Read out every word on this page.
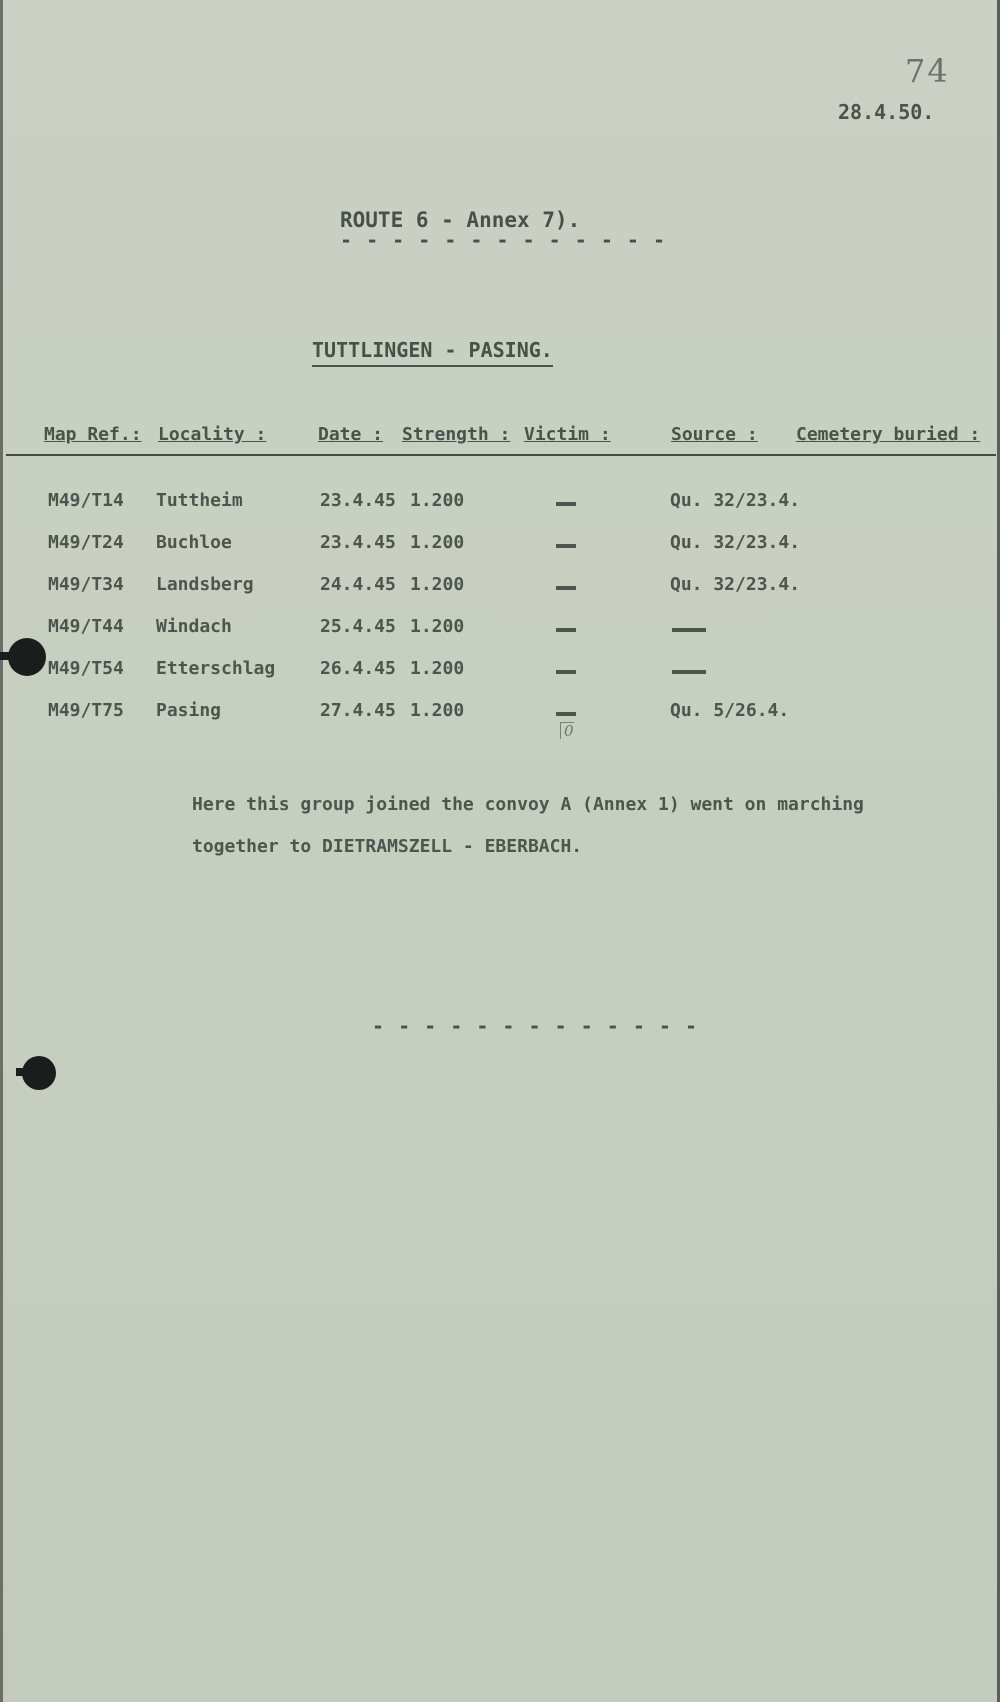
74
28.4.50.
ROUTE 6 - Annex 7).
- - - - - - - - - - - - -
TUTTLINGEN - PASING.
Map Ref.: Locality :	Date : Strength : Victim :	Source : Cemetery buried :
M49/T14 Tuttheim	23.4.45 1.200	Qu. 32/23.4.
M49/T24 Buchloe	23.4.45 1.200	Qu. 32/23.4.
M49/T34 Landsberg	24.4.45 1.200	Qu. 32/23.4.
M49/T44 Windach	25.4.45 1.200
M49/T54 Etterschlag 26.4.45 1.200
M49/T75 Pasing	27.4.45 1.200	Qu. 5/26.4.
0

Here this group joined the convoy A (Annex 1) went on marching

together to DIETRAMSZELL - EBERBACH.

- - - - - - - - - - - - -
